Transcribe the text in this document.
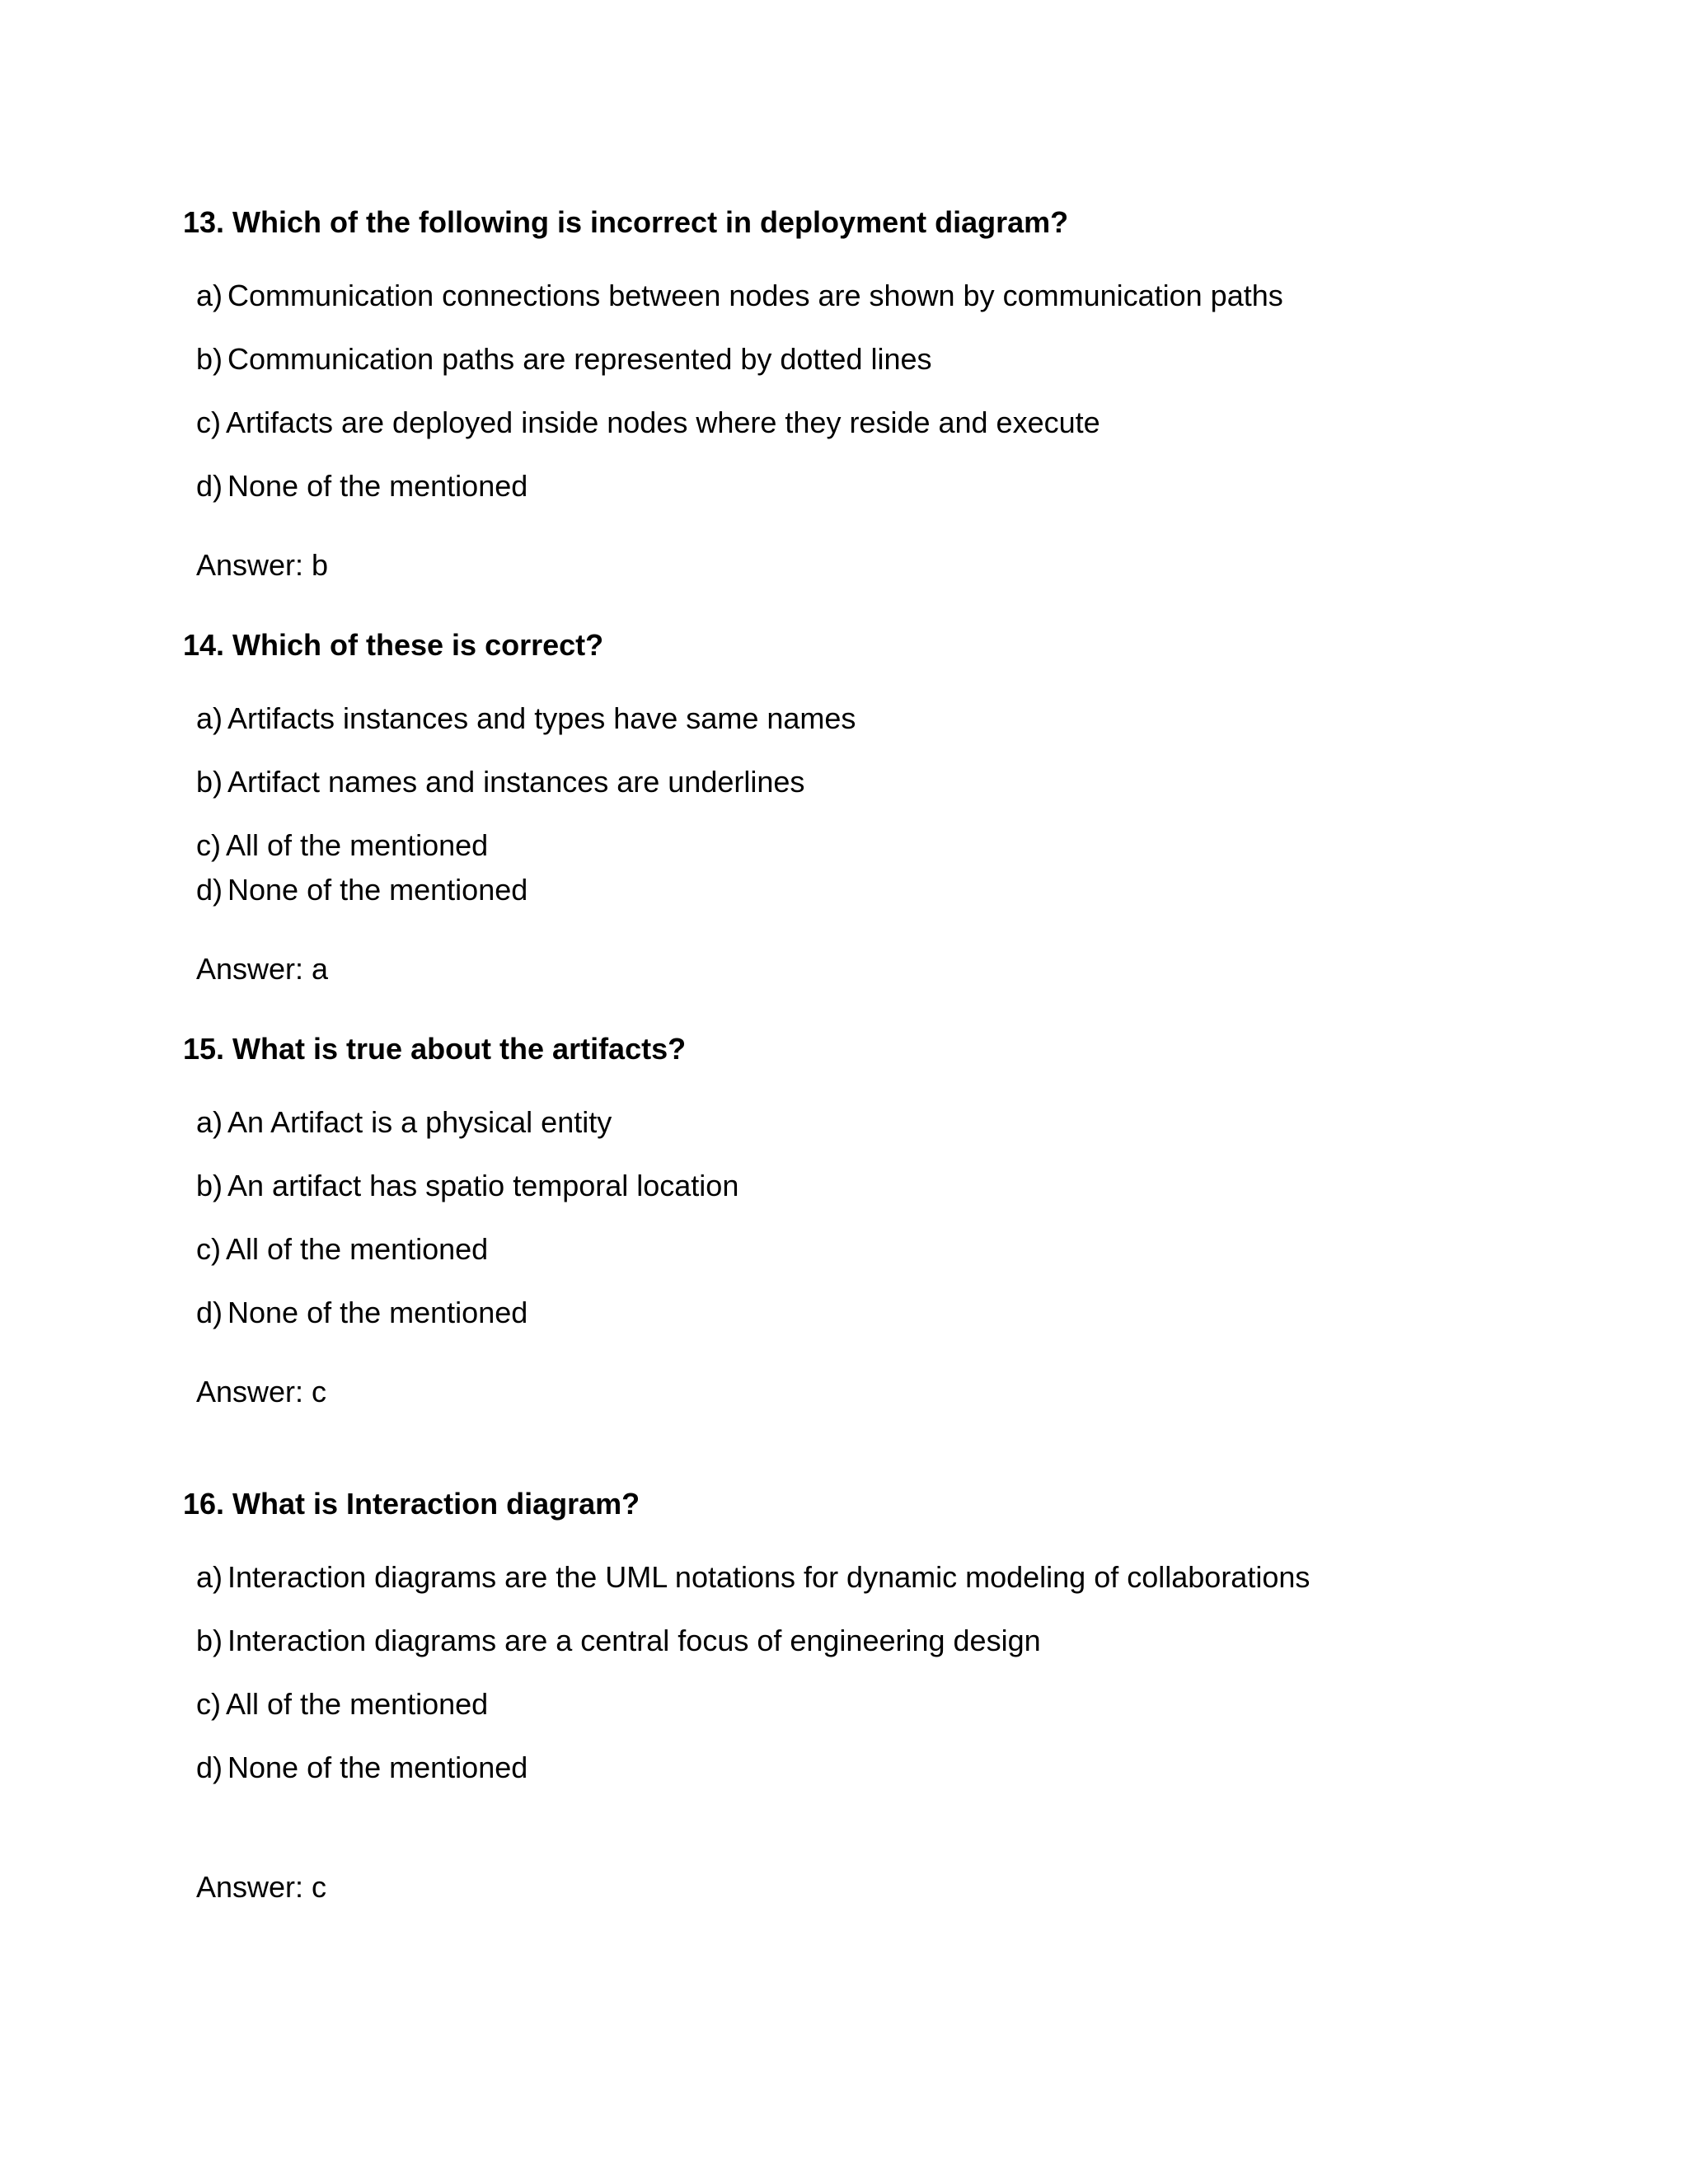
13. Which of the following is incorrect in deployment diagram?
a) Communication connections between nodes are shown by communication paths
b) Communication paths are represented by dotted lines
c) Artifacts are deployed inside nodes where they reside and execute
d) None of the mentioned
Answer: b
14. Which of these is correct?
a) Artifacts instances and types have same names
b) Artifact names and instances are underlines
c) All of the mentioned
d) None of the mentioned
Answer: a
15. What is true about the artifacts?
a) An Artifact is a physical entity
b) An artifact has spatio temporal location
c) All of the mentioned
d) None of the mentioned
Answer: c
16. What is Interaction diagram?
a) Interaction diagrams are the UML notations for dynamic modeling of collaborations
b) Interaction diagrams are a central focus of engineering design
c) All of the mentioned
d) None of the mentioned
Answer: c
